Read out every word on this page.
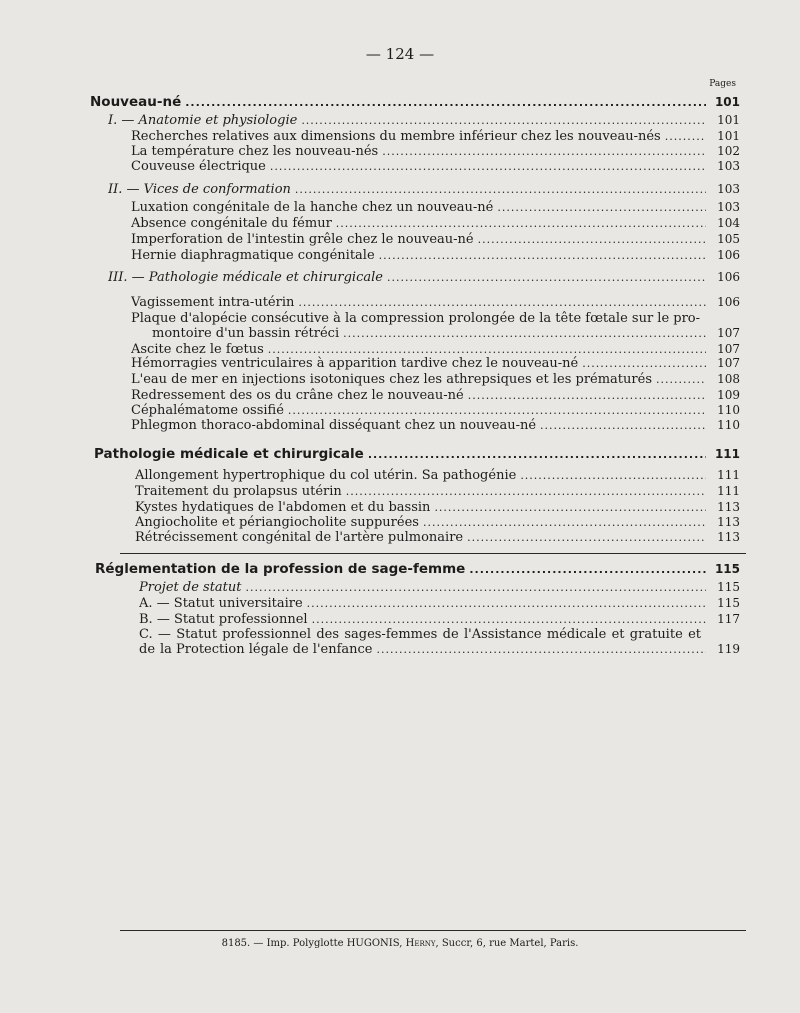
— 124 —
Pages
Nouveau-né .....	101
I. — Anatomie et physiologie .....	101
Recherches relatives aux dimensions du membre inférieur chez les nouveau-nés .....	101
La température chez les nouveau-nés .....	102
Couveuse électrique .....	103
II. — Vices de conformation .....	103
Luxation congénitale de la hanche chez un nouveau-né .....	103
Absence congénitale du fémur .....	104
Imperforation de l'intestin grêle chez le nouveau-né .....	105
Hernie diaphragmatique congénitale .....	106
III. — Pathologie médicale et chirurgicale .....	106
Vagissement intra-utérin .....	106
Plaque d'alopécie consécutive à la compression prolongée de la tête fœtale sur le pro-
montoire d'un bassin rétréci .....	107
Ascite chez le fœtus .....	107
Hémorragies ventriculaires à apparition tardive chez le nouveau-né .....	107
L'eau de mer en injections isotoniques chez les athrepsiques et les prématurés .....	108
Redressement des os du crâne chez le nouveau-né .....	109
Céphalématome ossifié .....	110
Phlegmon thoraco-abdominal disséquant chez un nouveau-né .....	110
Pathologie médicale et chirurgicale .....	111
Allongement hypertrophique du col utérin. Sa pathogénie .....	111
Traitement du prolapsus utérin .....	111
Kystes hydatiques de l'abdomen et du bassin .....	113
Angiocholite et périangiocholite suppurées .....	113
Rétrécissement congénital de l'artère pulmonaire .....	113
Réglementation de la profession de sage-femme .....	115
Projet de statut .....	115
A. — Statut universitaire .....	115
B. — Statut professionnel .....	117
C. — Statut professionnel des sages-femmes de l'Assistance médicale et gratuite et de la Protection légale de l'enfance .....	119
8185. — Imp. Polyglotte HUGONIS, Herny, Succr, 6, rue Martel, Paris.
